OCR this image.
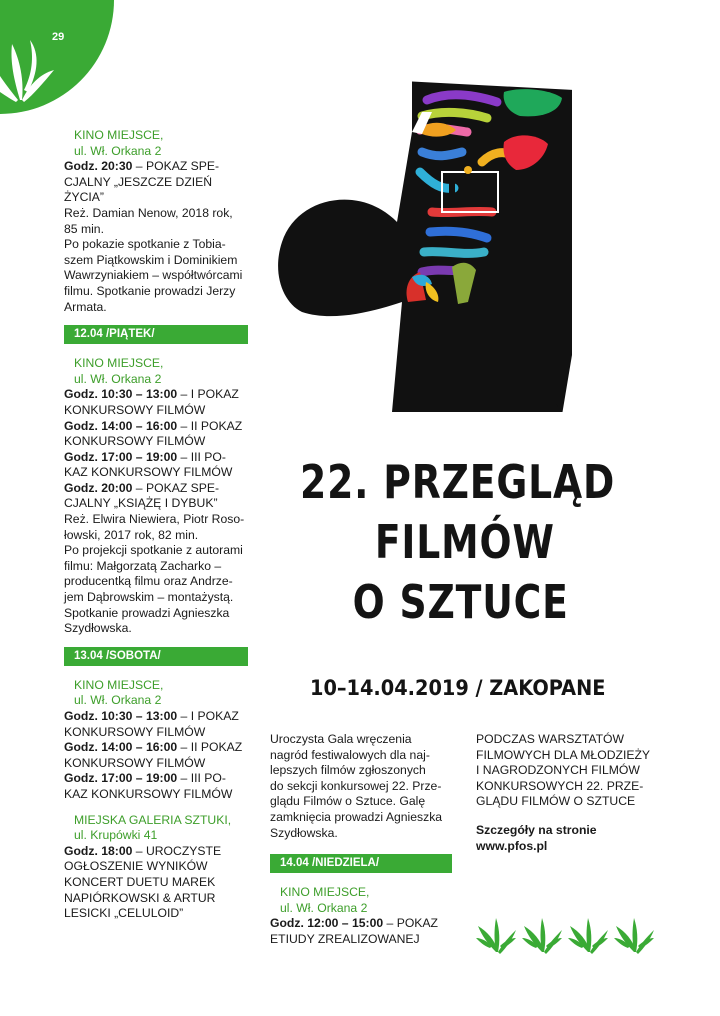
29

KINO MIEJSCE,

ul. Wł. Orkana 2

Godz. 20:30 – POKAZ SPE-

CJALNY „JESZCZE DZIEŃ

ŻYCIA”

Reż. Damian Nenow, 2018 rok,

85 min.

Po pokazie spotkanie z Tobia-

szem Piątkowskim i Dominikiem

Wawrzyniakiem – współtwórcami

filmu. Spotkanie prowadzi Jerzy

Armata.

12.04 /PIĄTEK/

KINO MIEJSCE,

ul. Wł. Orkana 2

Godz. 10:30 – 13:00 – I POKAZ

KONKURSOWY FILMÓW

Godz. 14:00 – 16:00 – II POKAZ

KONKURSOWY FILMÓW

Godz. 17:00 – 19:00 – III PO-

KAZ KONKURSOWY FILMÓW

Godz. 20:00 – POKAZ SPE-

CJALNY „KSIĄŻĘ I DYBUK”

Reż. Elwira Niewiera, Piotr Roso-

łowski, 2017 rok, 82 min.

Po projekcji spotkanie z autorami

filmu: Małgorzatą Zacharko –

producentką filmu oraz Andrze-

jem Dąbrowskim – montażystą.

Spotkanie prowadzi Agnieszka

Szydłowska.

13.04 /SOBOTA/

KINO MIEJSCE,

ul. Wł. Orkana 2

Godz. 10:30 – 13:00 – I POKAZ

KONKURSOWY FILMÓW

Godz. 14:00 – 16:00 – II POKAZ

KONKURSOWY FILMÓW

Godz. 17:00 – 19:00 – III PO-

KAZ KONKURSOWY FILMÓW

MIEJSKA GALERIA SZTUKI,

ul. Krupówki 41

Godz. 18:00 – UROCZYSTE

OGŁOSZENIE WYNIKÓW

KONCERT DUETU MAREK

NAPIÓRKOWSKI & ARTUR

LESICKI „CELULOID”

•
22. PRZEGLĄD
FILMÓW
O SZTUCE
10–14.04.2019 / ZAKOPANE

Uroczysta Gala wręczenia

nagród festiwalowych dla naj-

lepszych filmów zgłoszonych

do sekcji konkursowej 22. Prze-

glądu Filmów o Sztuce. Galę

zamknięcia prowadzi Agnieszka

Szydłowska.

14.04 /NIEDZIELA/

KINO MIEJSCE,

ul. Wł. Orkana 2

Godz. 12:00 – 15:00 – POKAZ

ETIUDY ZREALIZOWANEJ

PODCZAS WARSZTATÓW

FILMOWYCH DLA MŁODZIEŻY

I NAGRODZONYCH FILMÓW

KONKURSOWYCH 22. PRZE-

GLĄDU FILMÓW O SZTUCE

Szczegóły na stronie

www.pfos.pl
